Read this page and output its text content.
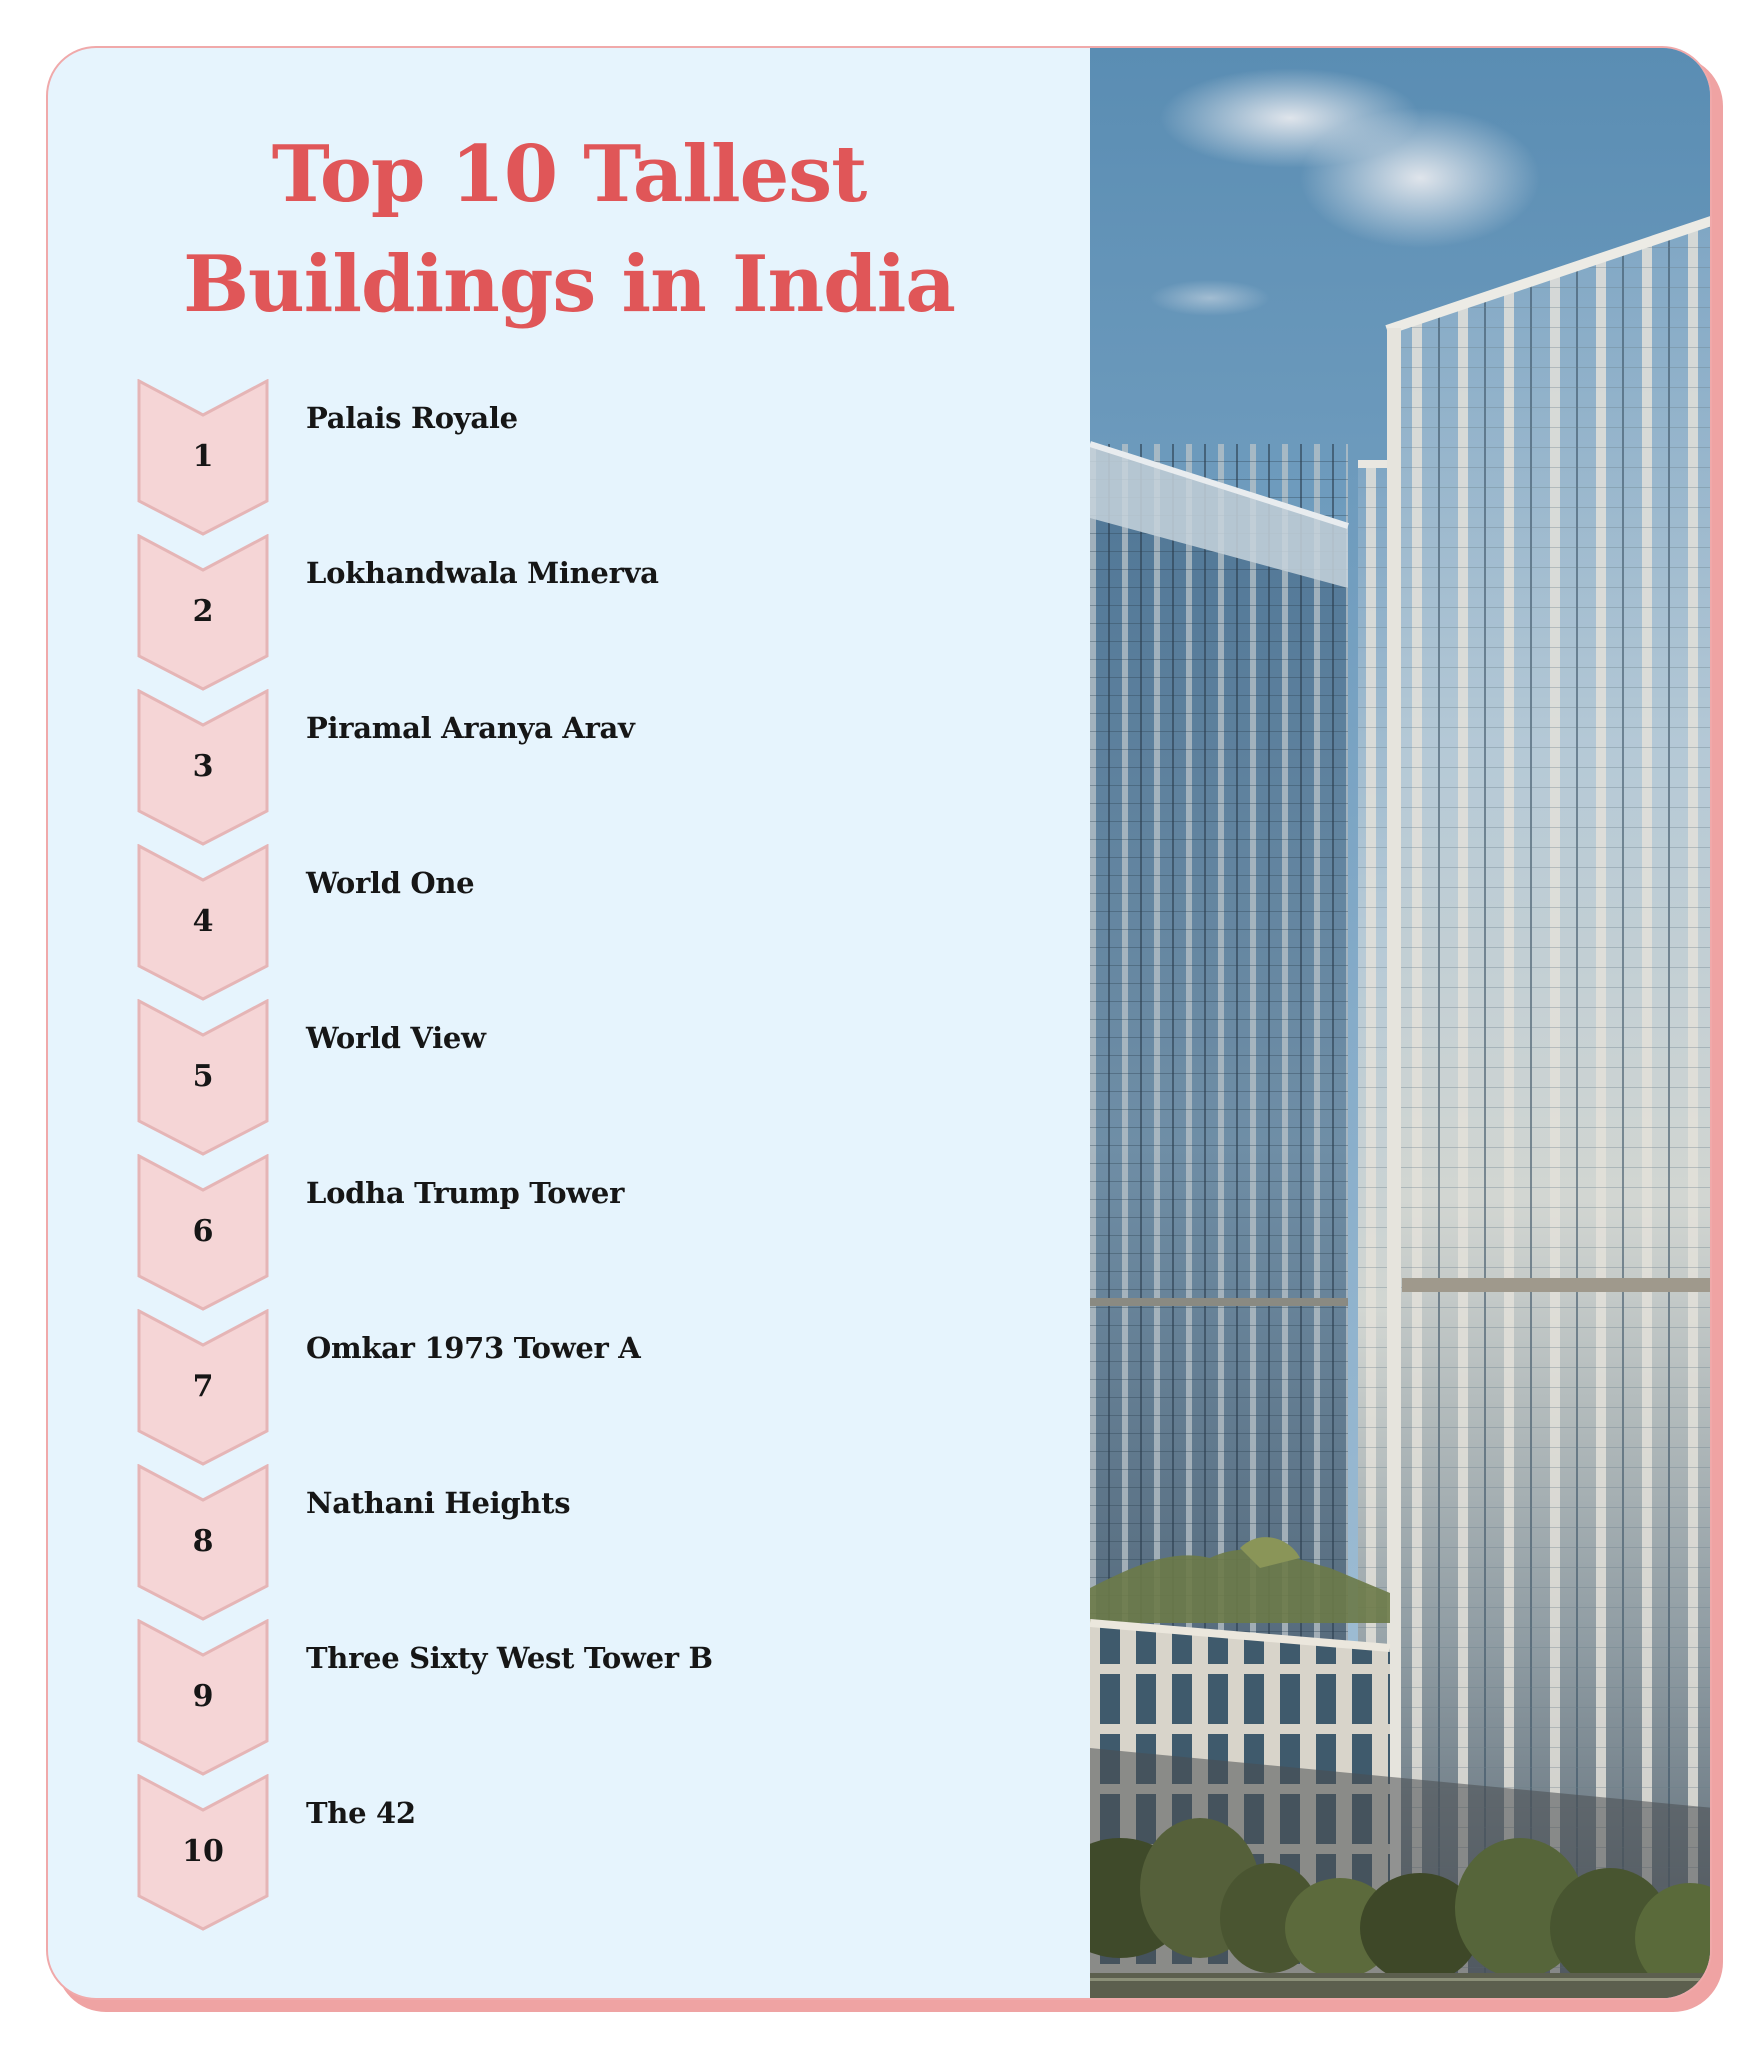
Top 10 Tallest
Buildings in India
1
Palais Royale
2
Lokhandwala Minerva
3
Piramal Aranya Arav
4
World One
5
World View
6
Lodha Trump Tower
7
Omkar 1973 Tower A
8
Nathani Heights
9
Three Sixty West Tower B
10
The 42
